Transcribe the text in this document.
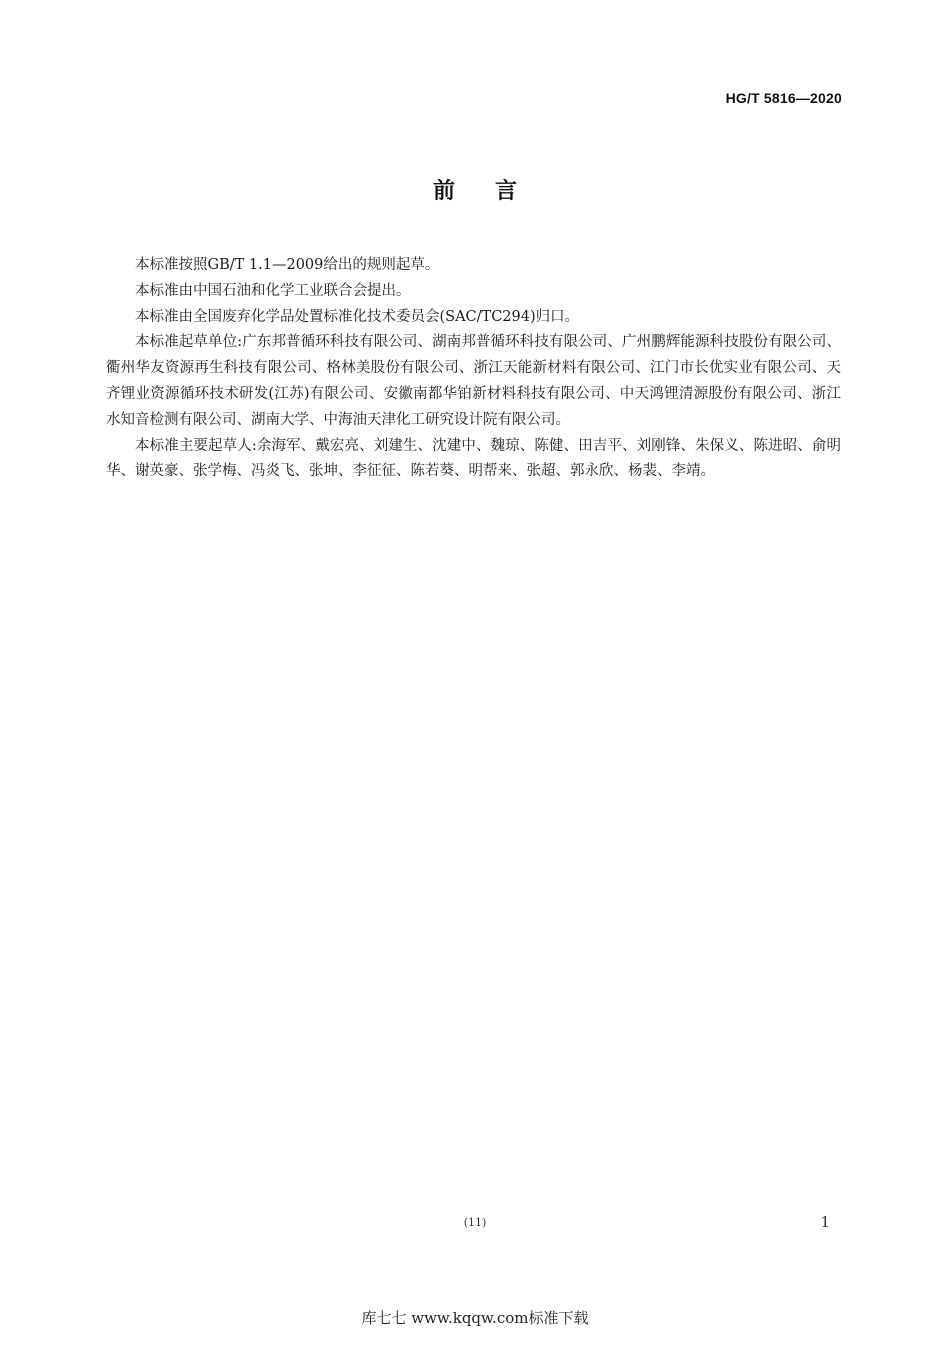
HG/T 5816—2020
前言

本标准按照GB/T 1.1—2009给出的规则起草。

本标准由中国石油和化学工业联合会提出。

本标准由全国废弃化学品处置标准化技术委员会(SAC/TC294)归口。

本标准起草单位:广东邦普循环科技有限公司、湖南邦普循环科技有限公司、广州鹏辉能源科技股份有限公司、衢州华友资源再生科技有限公司、格林美股份有限公司、浙江天能新材料有限公司、江门市长优实业有限公司、天齐锂业资源循环技术研发(江苏)有限公司、安徽南都华铂新材料科技有限公司、中天鸿锂清源股份有限公司、浙江水知音检测有限公司、湖南大学、中海油天津化工研究设计院有限公司。

本标准主要起草人:余海军、戴宏亮、刘建生、沈建中、魏琼、陈健、田吉平、刘刚锋、朱保义、陈进昭、俞明华、谢英豪、张学梅、冯炎飞、张坤、李征征、陈若葵、明帮来、张超、郭永欣、杨裴、李靖。

(11)	1
库七七 www.kqqw.com标准下载
